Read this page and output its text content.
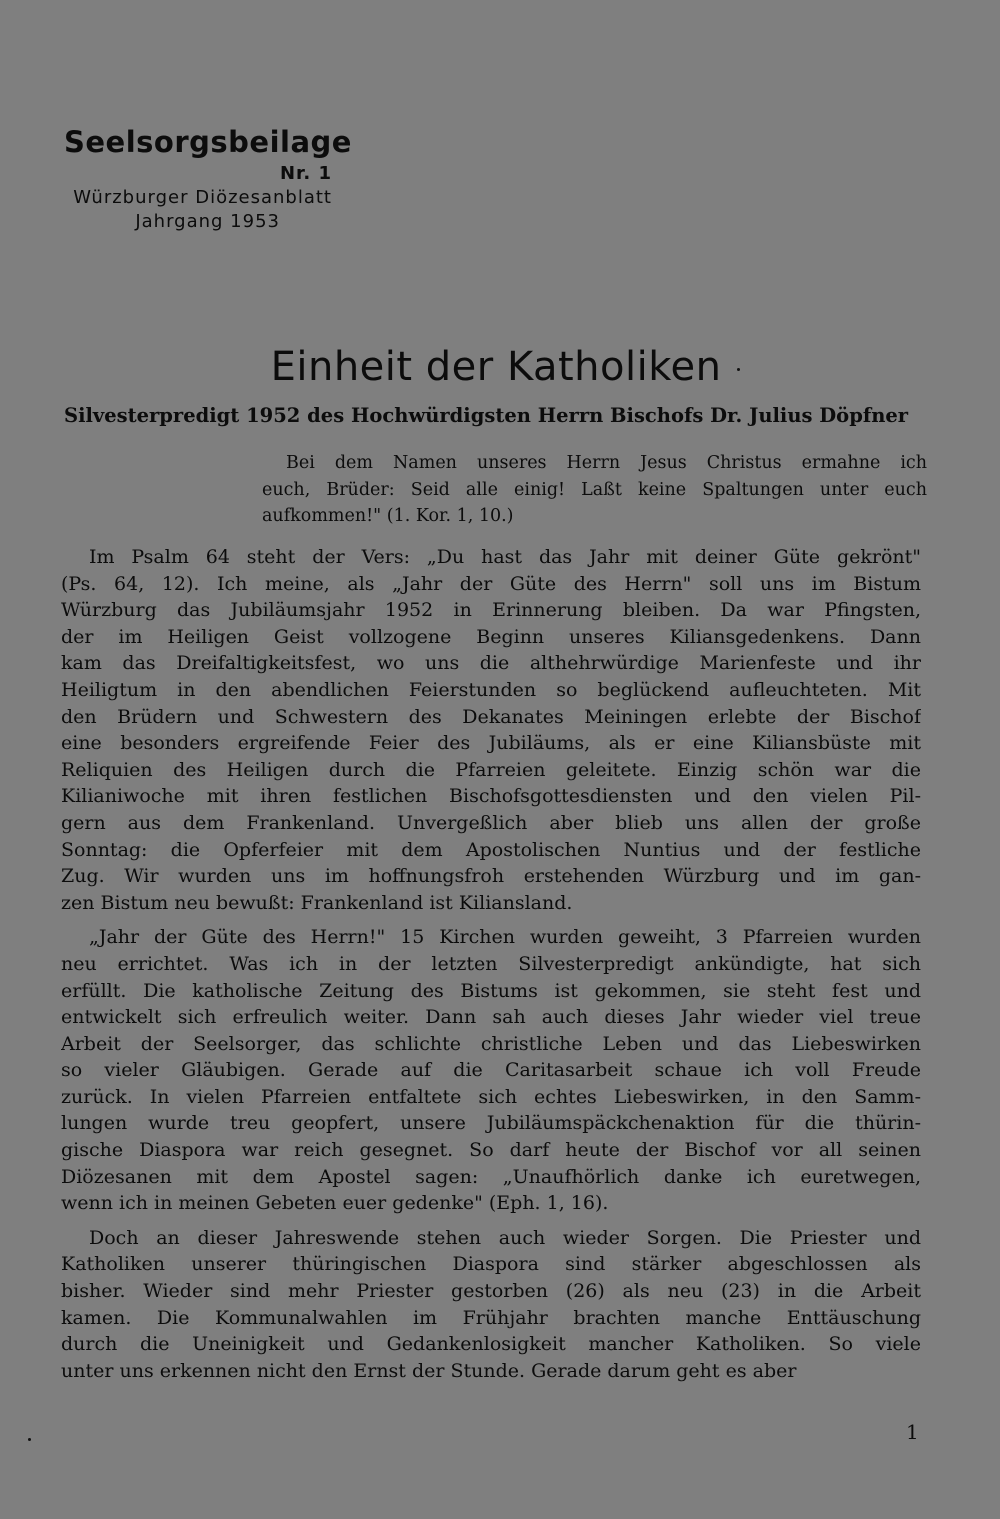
Seelsorgsbeilage
Nr. 1
Würzburger Diözesanblatt
Jahrgang 1953
Einheit der Katholiken
Silvesterpredigt 1952 des Hochwürdigsten Herrn Bischofs Dr. Julius Döpfner
Bei dem Namen unseres Herrn Jesus Christus ermahne ich
euch, Brüder: Seid alle einig! Laßt keine Spaltungen unter euch
aufkommen!" (1. Kor. 1, 10.)
Im Psalm 64 steht der Vers: „Du hast das Jahr mit deiner Güte gekrönt"
(Ps. 64, 12). Ich meine, als „Jahr der Güte des Herrn" soll uns im Bistum
Würzburg das Jubiläumsjahr 1952 in Erinnerung bleiben. Da war Pfingsten,
der im Heiligen Geist vollzogene Beginn unseres Kiliansgedenkens. Dann
kam das Dreifaltigkeitsfest, wo uns die althehrwürdige Marienfeste und ihr
Heiligtum in den abendlichen Feierstunden so beglückend aufleuchteten. Mit
den Brüdern und Schwestern des Dekanates Meiningen erlebte der Bischof
eine besonders ergreifende Feier des Jubiläums, als er eine Kiliansbüste mit
Reliquien des Heiligen durch die Pfarreien geleitete. Einzig schön war die
Kilianiwoche mit ihren festlichen Bischofsgottesdiensten und den vielen Pil-
gern aus dem Frankenland. Unvergeßlich aber blieb uns allen der große
Sonntag: die Opferfeier mit dem Apostolischen Nuntius und der festliche
Zug. Wir wurden uns im hoffnungsfroh erstehenden Würzburg und im gan-
zen Bistum neu bewußt: Frankenland ist Kiliansland.
„Jahr der Güte des Herrn!" 15 Kirchen wurden geweiht, 3 Pfarreien wurden
neu errichtet. Was ich in der letzten Silvesterpredigt ankündigte, hat sich
erfüllt. Die katholische Zeitung des Bistums ist gekommen, sie steht fest und
entwickelt sich erfreulich weiter. Dann sah auch dieses Jahr wieder viel treue
Arbeit der Seelsorger, das schlichte christliche Leben und das Liebeswirken
so vieler Gläubigen. Gerade auf die Caritasarbeit schaue ich voll Freude
zurück. In vielen Pfarreien entfaltete sich echtes Liebeswirken, in den Samm-
lungen wurde treu geopfert, unsere Jubiläumspäckchenaktion für die thürin-
gische Diaspora war reich gesegnet. So darf heute der Bischof vor all seinen
Diözesanen mit dem Apostel sagen: „Unaufhörlich danke ich euretwegen,
wenn ich in meinen Gebeten euer gedenke" (Eph. 1, 16).
Doch an dieser Jahreswende stehen auch wieder Sorgen. Die Priester und
Katholiken unserer thüringischen Diaspora sind stärker abgeschlossen als
bisher. Wieder sind mehr Priester gestorben (26) als neu (23) in die Arbeit
kamen. Die Kommunalwahlen im Frühjahr brachten manche Enttäuschung
durch die Uneinigkeit und Gedankenlosigkeit mancher Katholiken. So viele
unter uns erkennen nicht den Ernst der Stunde. Gerade darum geht es aber
1
